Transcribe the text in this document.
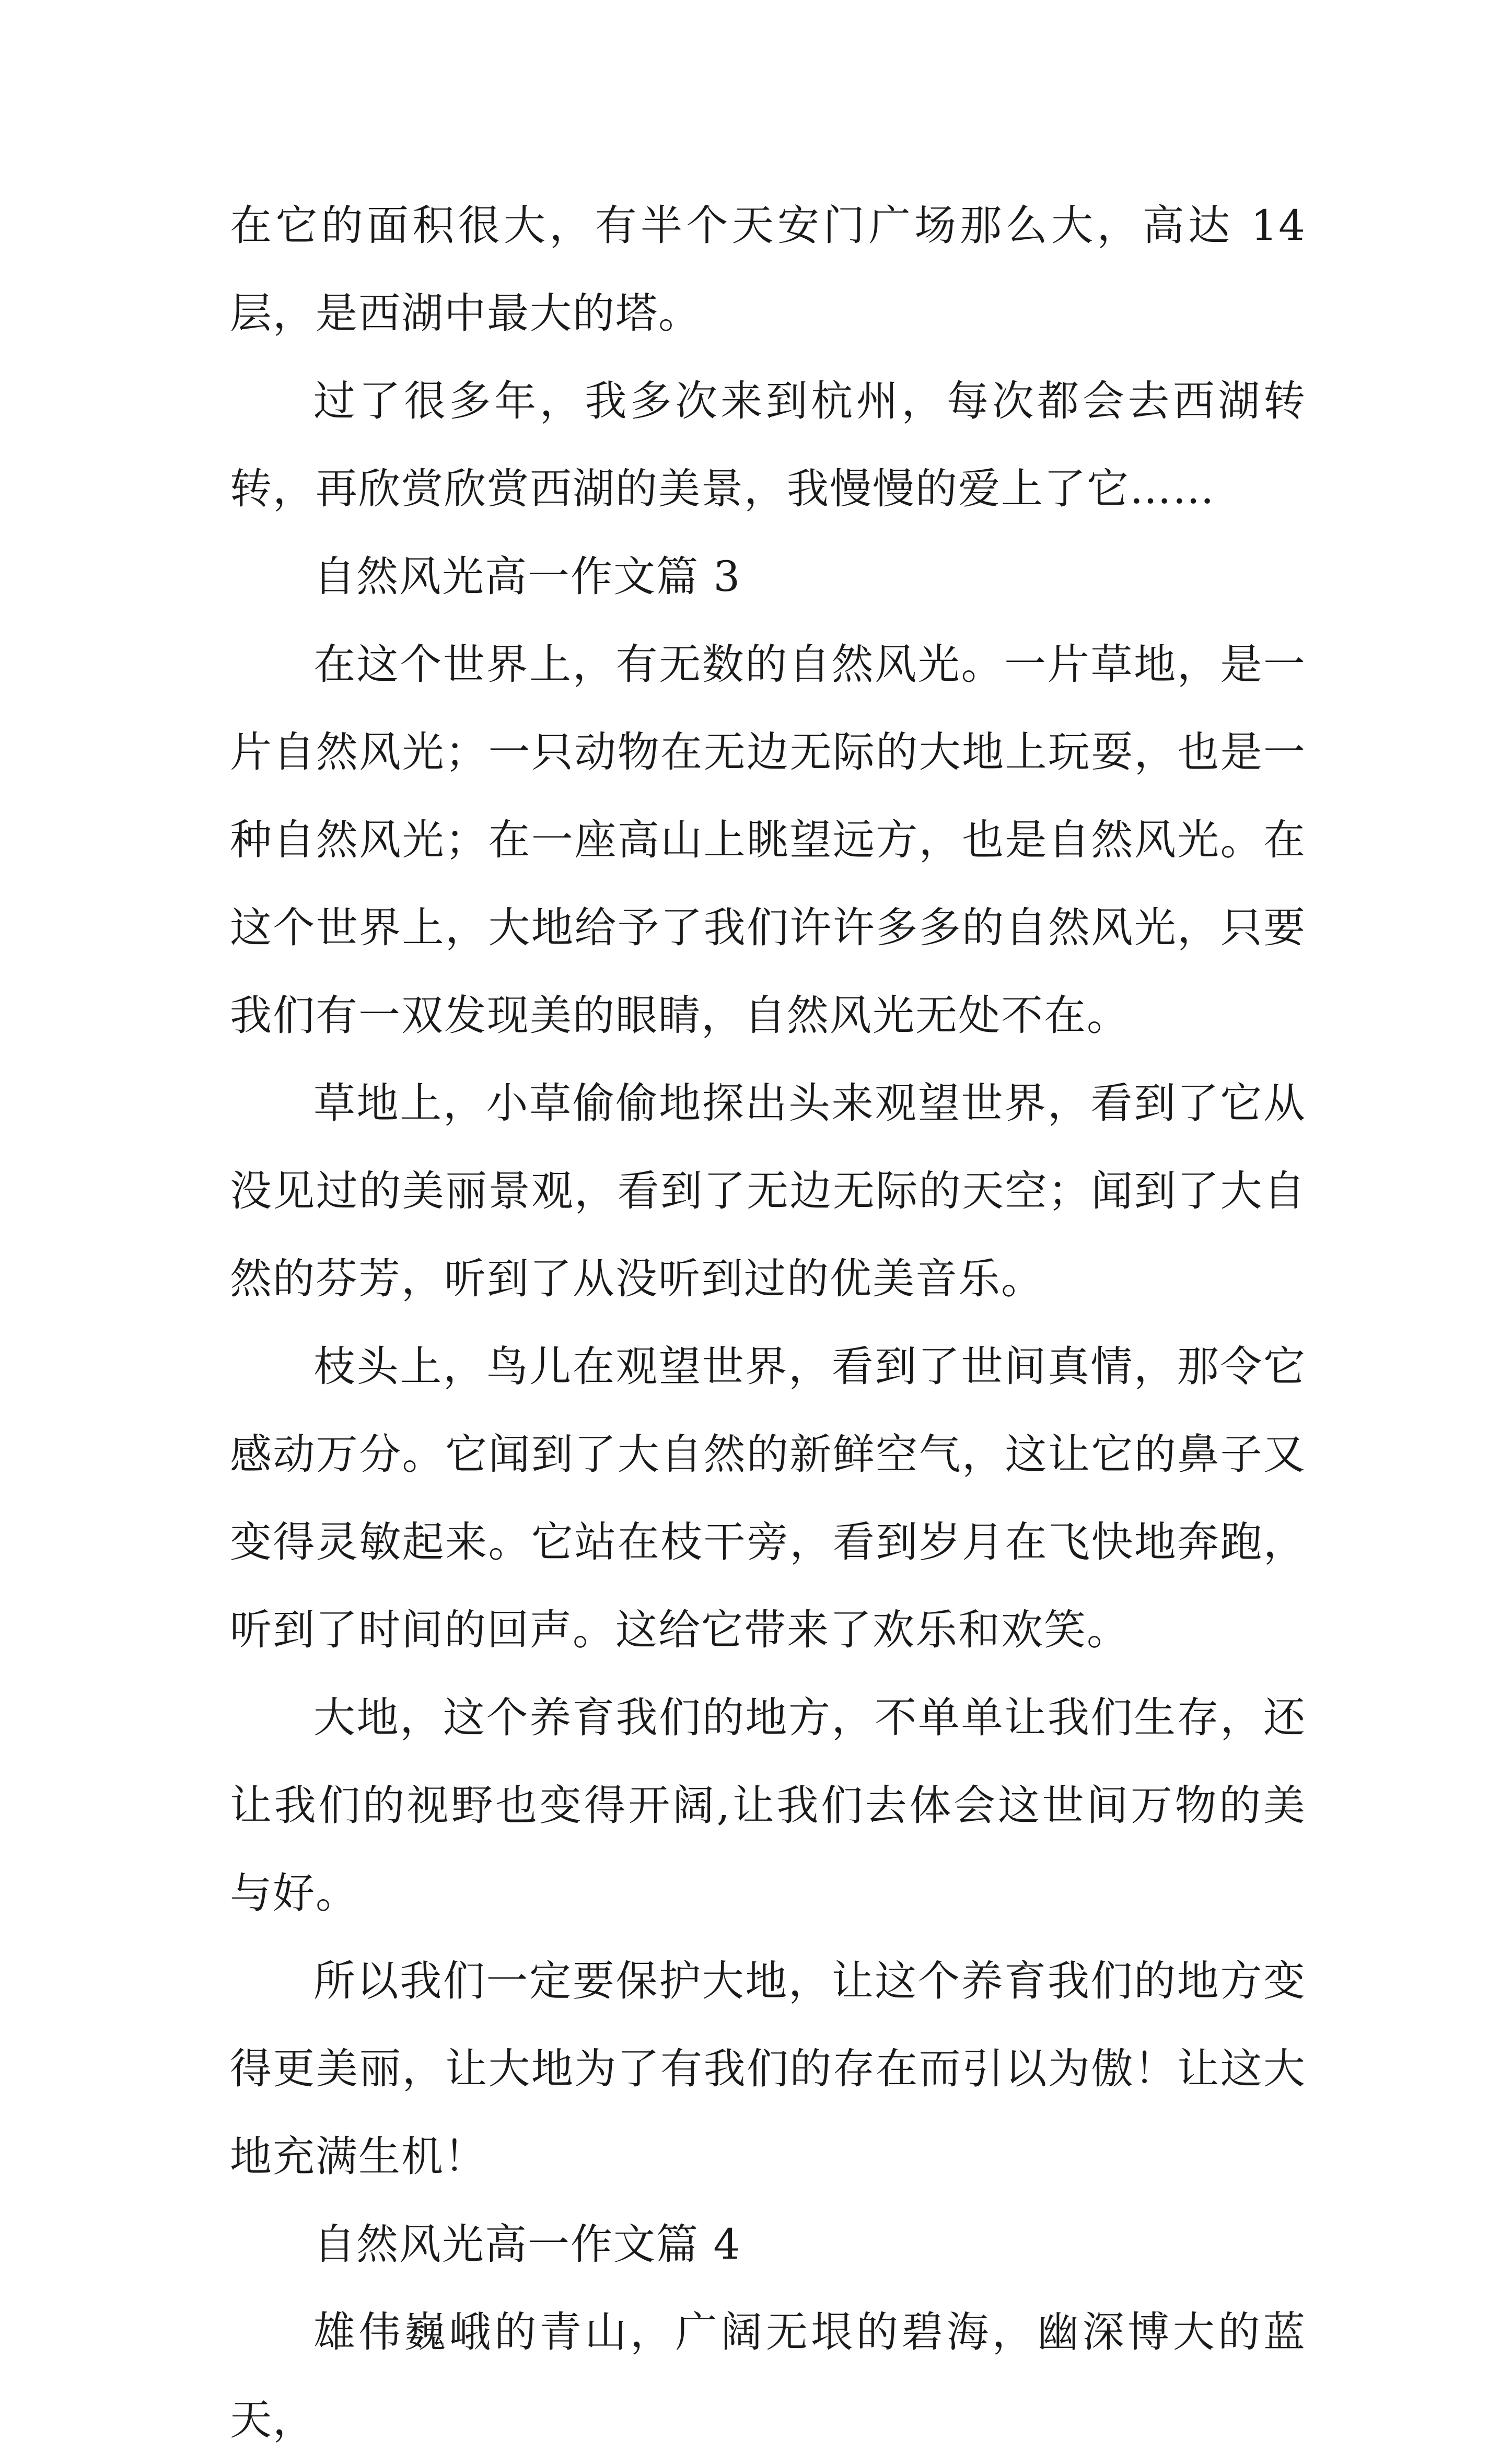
在它的面积很大，有半个天安门广场那么大，高达 14 层，是西湖中最大的塔。

过了很多年，我多次来到杭州，每次都会去西湖转转，再欣赏欣赏西湖的美景，我慢慢的爱上了它……

自然风光高一作文篇 3

在这个世界上，有无数的自然风光。一片草地，是一片自然风光；一只动物在无边无际的大地上玩耍，也是一种自然风光；在一座高山上眺望远方，也是自然风光。在这个世界上，大地给予了我们许许多多的自然风光，只要我们有一双发现美的眼睛，自然风光无处不在。

草地上，小草偷偷地探出头来观望世界，看到了它从没见过的美丽景观，看到了无边无际的天空；闻到了大自然的芬芳，听到了从没听到过的优美音乐。

枝头上，鸟儿在观望世界，看到了世间真情，那令它感动万分。它闻到了大自然的新鲜空气，这让它的鼻子又变得灵敏起来。它站在枝干旁，看到岁月在飞快地奔跑，听到了时间的回声。这给它带来了欢乐和欢笑。

大地，这个养育我们的地方，不单单让我们生存，还让我们的视野也变得开阔,让我们去体会这世间万物的美与好。

所以我们一定要保护大地，让这个养育我们的地方变得更美丽，让大地为了有我们的存在而引以为傲！让这大地充满生机！

自然风光高一作文篇 4

雄伟巍峨的青山，广阔无垠的碧海，幽深博大的蓝天，
